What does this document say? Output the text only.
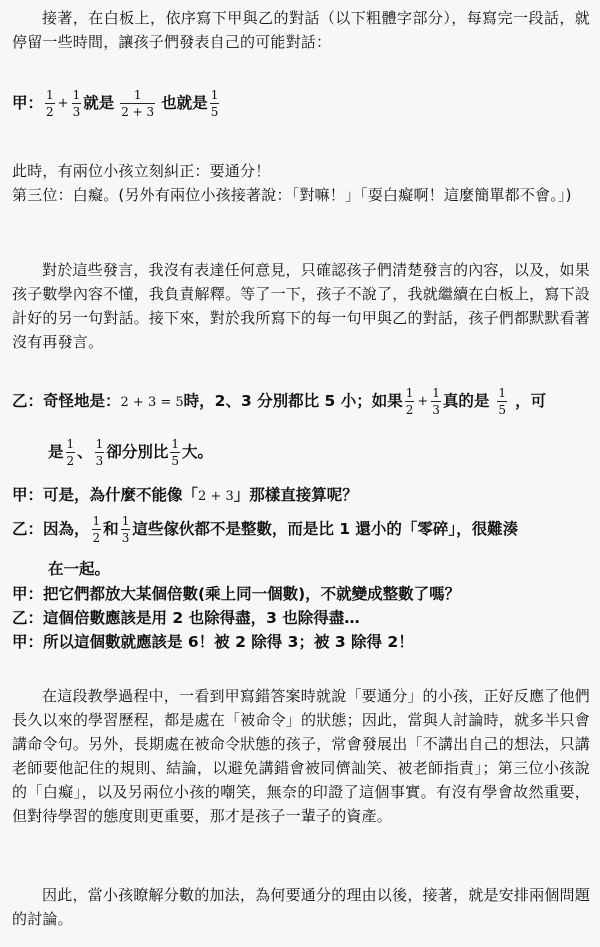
接著，在白板上，依序寫下甲與乙的對話（以下粗體字部分），每寫完一段話，就停留一些時間，讓孩子們發表自己的可能對話：
甲： $\frac{1}{2} + \frac{1}{3}$ 就是 $\frac{1}{2 + 3}$ 也就是 $\frac{1}{5}$
此時，有兩位小孩立刻糾正：要通分！
第三位：白癡。(另外有兩位小孩接著說：「對嘛！」「耍白癡啊！這麼簡單都不會。」)
對於這些發言，我沒有表達任何意見，只確認孩子們清楚發言的內容，以及，如果孩子數學內容不懂，我負責解釋。等了一下，孩子不說了，我就繼續在白板上，寫下設計好的另一句對話。接下來，對於我所寫下的每一句甲與乙的對話，孩子們都默默看著沒有再發言。
乙：奇怪地是：2 + 3 = 5時，2、3 分別都比 5 小；如果 $\frac{1}{2} + \frac{1}{3}$ 真的是 $\frac{1}{5}$ ，可
是 $\frac{1}{2}$ 、 $\frac{1}{3}$ 卻分別比 $\frac{1}{5}$ 大。
甲：可是，為什麼不能像「2 + 3」那樣直接算呢？
乙：因為， $\frac{1}{2}$ 和 $\frac{1}{3}$ 這些傢伙都不是整數，而是比 1 還小的「零碎」，很難湊
在一起。
甲：把它們都放大某個倍數(乘上同一個數)，不就變成整數了嗎？
乙：這個倍數應該是用 2 也除得盡，3 也除得盡…
甲：所以這個數就應該是 6！被 2 除得 3；被 3 除得 2！
在這段教學過程中，一看到甲寫錯答案時就說「要通分」的小孩，正好反應了他們長久以來的學習歷程，都是處在「被命令」的狀態；因此，當與人討論時，就多半只會講命令句。另外，長期處在被命令狀態的孩子，常會發展出「不講出自己的想法，只講老師要他記住的規則、結論，以避免講錯會被同儕訕笑、被老師指責」；第三位小孩說的「白癡」，以及另兩位小孩的嘲笑，無奈的印證了這個事實。有沒有學會故然重要，但對待學習的態度則更重要，那才是孩子一輩子的資產。
因此，當小孩瞭解分數的加法，為何要通分的理由以後，接著，就是安排兩個問題的討論。
